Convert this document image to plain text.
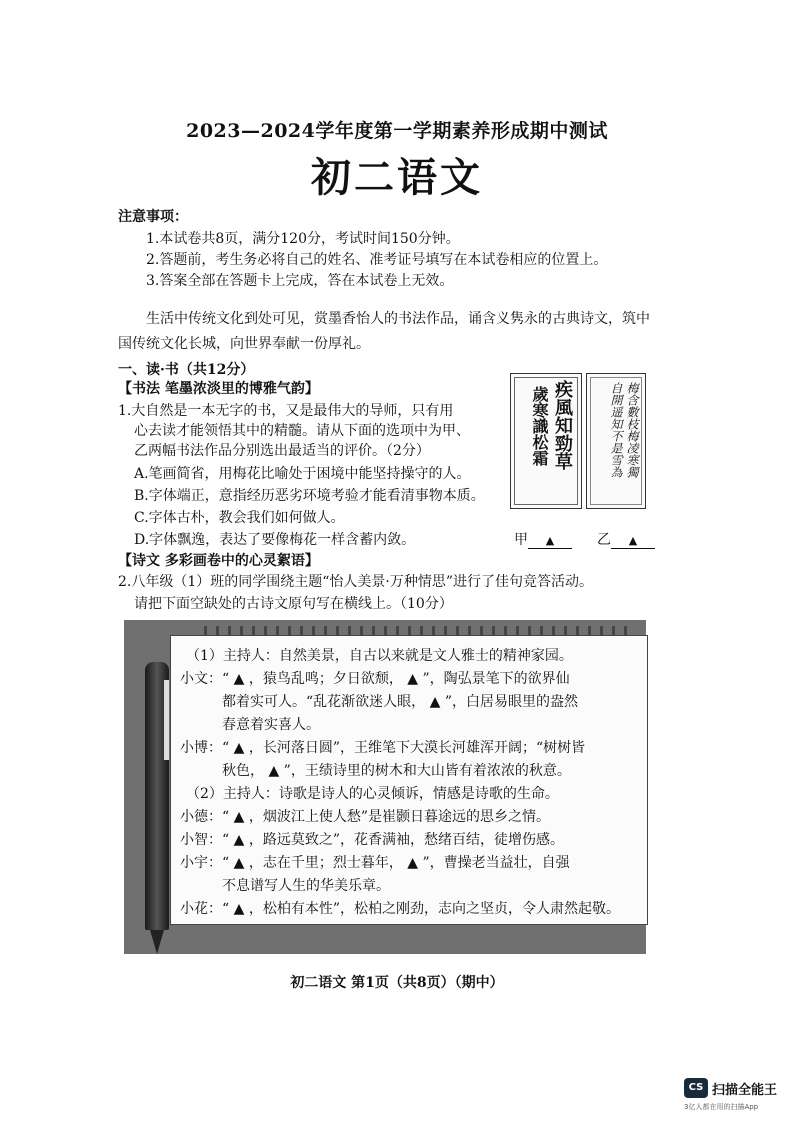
2023—2024学年度第一学期素养形成期中测试
初二语文
注意事项：
1.本试卷共8页，满分120分，考试时间150分钟。
2.答题前，考生务必将自己的姓名、准考证号填写在本试卷相应的位置上。
3.答案全部在答题卡上完成，答在本试卷上无效。
生活中传统文化到处可见，赏墨香怡人的书法作品，诵含义隽永的古典诗文，筑中国传统文化长城，向世界奉献一份厚礼。
一、读·书（共12分）
【书法 笔墨浓淡里的博雅气韵】
1.大自然是一本无字的书，又是最伟大的导师，只有用
心去读才能领悟其中的精髓。请从下面的选项中为甲、
乙两幅书法作品分别选出最适当的评价。（2分）
A.笔画简省，用梅花比喻处于困境中能坚持操守的人。
B.字体端正，意指经历恶劣环境考验才能看清事物本质。
C.字体古朴，教会我们如何做人。
D.字体飘逸，表达了要像梅花一样含蓄内敛。	甲 ▲	乙 ▲
疾風知勁草
歲寒識松霜	梅含數枝梅凌寒獨
自開遥知不是雪為
【诗文 多彩画卷中的心灵絮语】
2.八年级（1）班的同学围绕主题“怡人美景·万种情思”进行了佳句竞答活动。
请把下面空缺处的古诗文原句写在横线上。（10分）
（1）主持人：自然美景，自古以来就是文人雅士的精神家园。
小文：“ ▲ ，猿鸟乱鸣；夕日欲颓， ▲ ”，陶弘景笔下的欲界仙
都着实可人。“乱花渐欲迷人眼， ▲ ”，白居易眼里的盎然
春意着实喜人。
小博：“ ▲ ，长河落日圆”，王维笔下大漠长河雄浑开阔；“树树皆
秋色， ▲ ”，王绩诗里的树木和大山皆有着浓浓的秋意。
（2）主持人：诗歌是诗人的心灵倾诉，情感是诗歌的生命。
小德：“ ▲ ，烟波江上使人愁”是崔颢日暮途远的思乡之情。
小智：“ ▲ ，路远莫致之”，花香满袖，愁绪百结，徒增伤感。
小宇：“ ▲ ，志在千里；烈士暮年， ▲ ”，曹操老当益壮，自强
不息谱写人生的华美乐章。
小花：“ ▲ ，松柏有本性”，松柏之刚劲，志向之坚贞，令人肃然起敬。
初二语文 第1页（共8页）（期中）
CS 扫描全能王
3亿人都在用的扫描App
